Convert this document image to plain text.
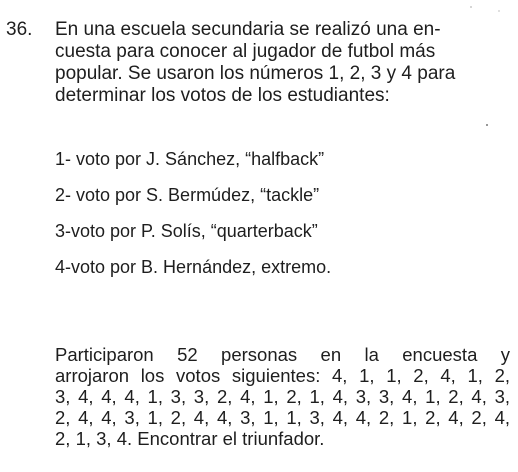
36. En una escuela secundaria se realizó una en-
cuesta para conocer al jugador de futbol más
popular. Se usaron los números 1, 2, 3 y 4 para
determinar los votos de los estudiantes:

1- voto por J. Sánchez, “halfback”
2- voto por S. Bermúdez, “tackle”
3-voto por P. Solís, “quarterback”
4-voto por B. Hernández, extremo.

Participaron 52 personas en la encuesta y
arrojaron los votos siguientes: 4, 1, 1, 2, 4, 1, 2,
3, 4, 4, 4, 1, 3, 3, 2, 4, 1, 2, 1, 4, 3, 3, 4, 1, 2, 4, 3,
2, 4, 4, 3, 1, 2, 4, 4, 3, 1, 1, 3, 4, 4, 2, 1, 2, 4, 2, 4,
2, 1, 3, 4. Encontrar el triunfador.
